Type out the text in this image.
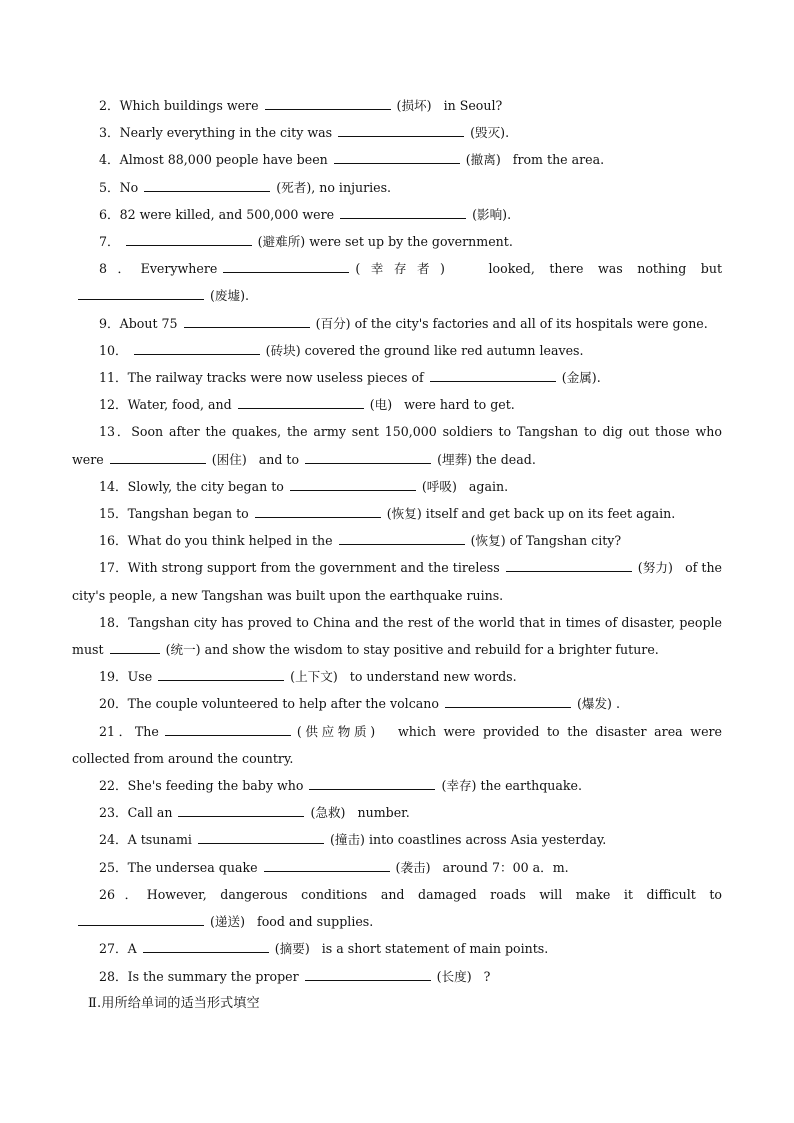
2．Which buildings were	(损坏) in Seoul?

3．Nearly everything in the city was	(毁灭).

4．Almost 88,000 people have been	(撤离) from the area.

5．No	(死者), no injuries.

6．82 were killed, and 500,000 were	(影响).

7．	(避难所) were set up by the government.

8．Everywhere	(幸存者)	looked, there was nothing but(废墟).

9．About 75	(百分) of the city's factories and all of its hospitals were gone.

10．	(砖块) covered the ground like red autumn leaves.

11．The railway tracks were now useless pieces of	(金属).

12．Water, food, and	(电) were hard to get.

13．Soon after the quakes, the army sent 150,000 soldiers to Tangshan to dig out those who were	(困住) and to	(埋葬) the dead.

14．Slowly, the city began to	(呼吸) again.

15．Tangshan began to	(恢复) itself and get back up on its feet again.

16．What do you think helped in the	(恢复) of Tangshan city?

17．With strong support from the government and the tireless	(努力) of the city's people, a new Tangshan was built upon the earthquake ruins.

18．Tangshan city has proved to China and the rest of the world that in times of disaster, people must	(统一) and show the wisdom to stay positive and rebuild for a brighter future.

19．Use	(上下文) to understand new words.

20．The couple volunteered to help after the volcano	(爆发) .

21．The	(供应物质) which were provided to the disaster area were collected from around the country.

22．She's feeding the baby who	(幸存) the earthquake.

23．Call an	(急救) number.

24．A tsunami	(撞击) into coastlines across Asia yesterday.

25．The undersea quake	(袭击) around 7：00 a．m.

26．However, dangerous conditions and damaged roads will make it difficult to(递送) food and supplies.

27．A	(摘要) is a short statement of main points.

28．Is the summary the proper	(长度) ?

Ⅱ.用所给单词的适当形式填空
